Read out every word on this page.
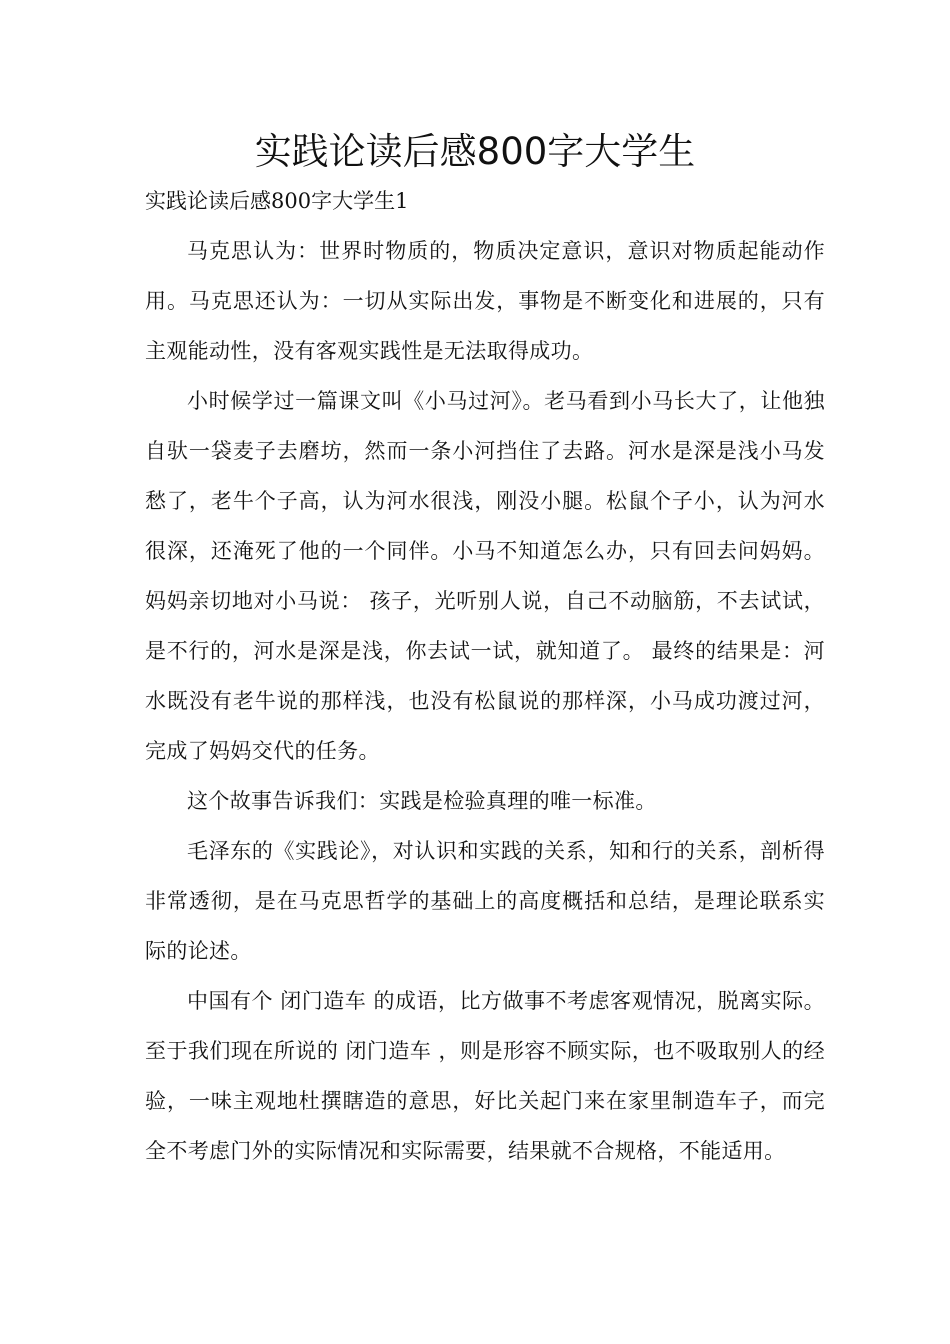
实践论读后感800字大学生

实践论读后感800字大学生1

马克思认为：世界时物质的，物质决定意识，意识对物质起能动作用。马克思还认为：一切从实际出发，事物是不断变化和进展的，只有主观能动性，没有客观实践性是无法取得成功。

小时候学过一篇课文叫《小马过河》。老马看到小马长大了，让他独自驮一袋麦子去磨坊，然而一条小河挡住了去路。河水是深是浅小马发愁了，老牛个子高，认为河水很浅，刚没小腿。松鼠个子小，认为河水很深，还淹死了他的一个同伴。小马不知道怎么办，只有回去问妈妈。妈妈亲切地对小马说： 孩子，光听别人说，自己不动脑筋，不去试试，是不行的，河水是深是浅，你去试一试，就知道了。 最终的结果是：河水既没有老牛说的那样浅，也没有松鼠说的那样深，小马成功渡过河，完成了妈妈交代的任务。

这个故事告诉我们：实践是检验真理的唯一标准。

毛泽东的《实践论》，对认识和实践的关系，知和行的关系，剖析得非常透彻，是在马克思哲学的基础上的高度概括和总结，是理论联系实际的论述。

中国有个 闭门造车 的成语，比方做事不考虑客观情况，脱离实际。至于我们现在所说的 闭门造车 ，则是形容不顾实际，也不吸取别人的经验，一味主观地杜撰瞎造的意思，好比关起门来在家里制造车子，而完全不考虑门外的实际情况和实际需要，结果就不合规格，不能适用。
